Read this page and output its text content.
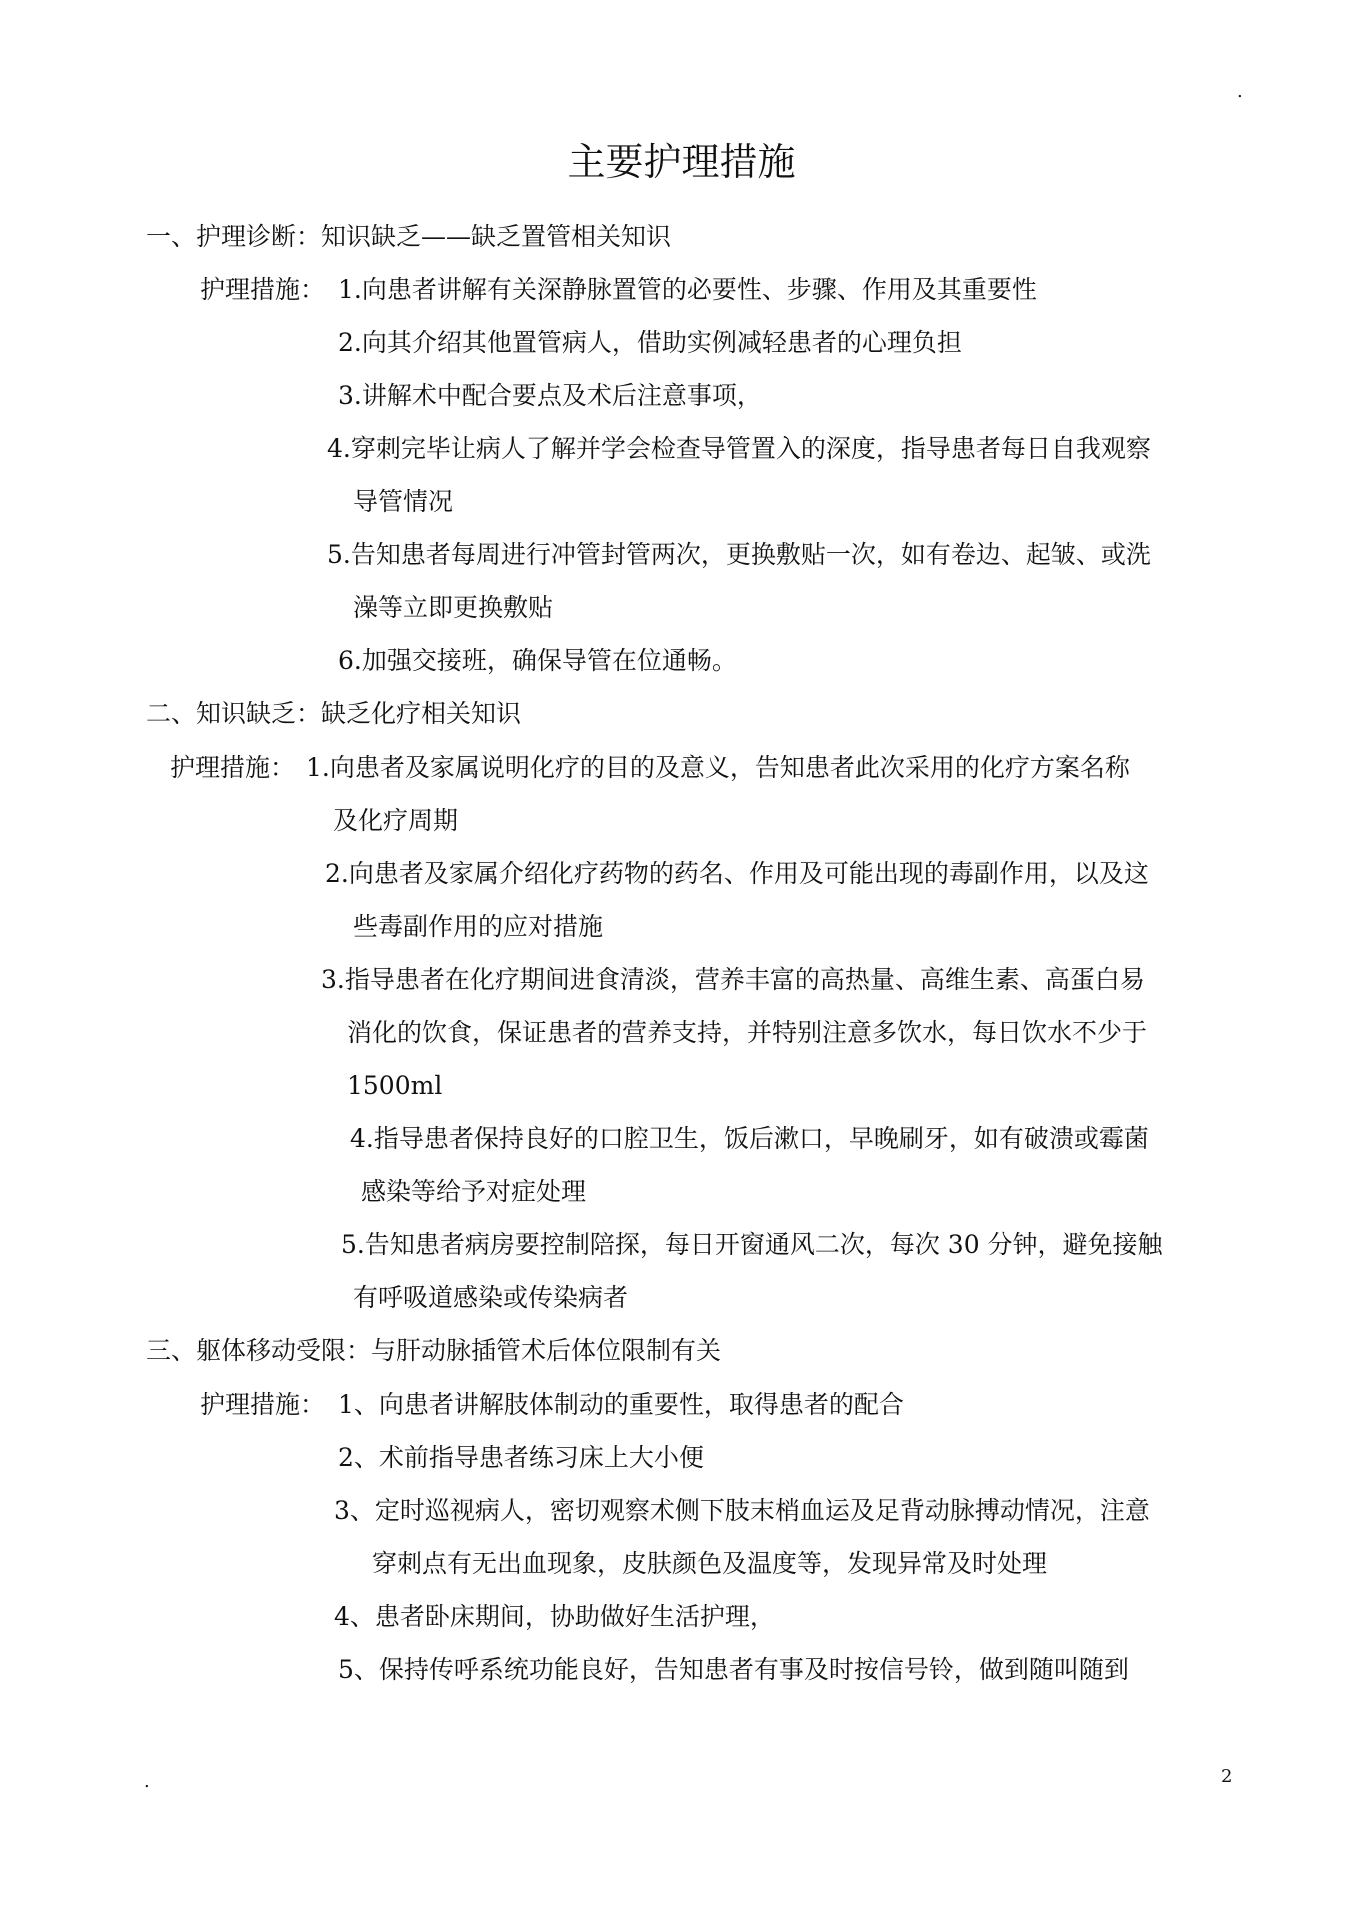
.
主要护理措施
一、护理诊断：知识缺乏——缺乏置管相关知识
护理措施： 1.向患者讲解有关深静脉置管的必要性、步骤、作用及其重要性
2.向其介绍其他置管病人，借助实例减轻患者的心理负担
3.讲解术中配合要点及术后注意事项，
4.穿刺完毕让病人了解并学会检查导管置入的深度，指导患者每日自我观察
导管情况
5.告知患者每周进行冲管封管两次，更换敷贴一次，如有卷边、起皱、或洗
澡等立即更换敷贴
6.加强交接班，确保导管在位通畅。
二、知识缺乏：缺乏化疗相关知识
护理措施： 1.向患者及家属说明化疗的目的及意义，告知患者此次采用的化疗方案名称
及化疗周期
2.向患者及家属介绍化疗药物的药名、作用及可能出现的毒副作用，以及这
些毒副作用的应对措施
3.指导患者在化疗期间进食清淡，营养丰富的高热量、高维生素、高蛋白易
消化的饮食，保证患者的营养支持，并特别注意多饮水，每日饮水不少于
1500ml
4.指导患者保持良好的口腔卫生，饭后漱口，早晚刷牙，如有破溃或霉菌
感染等给予对症处理
5.告知患者病房要控制陪探，每日开窗通风二次，每次 30 分钟，避免接触
有呼吸道感染或传染病者
三、躯体移动受限：与肝动脉插管术后体位限制有关
护理措施： 1、向患者讲解肢体制动的重要性，取得患者的配合
2、术前指导患者练习床上大小便
3、定时巡视病人，密切观察术侧下肢末梢血运及足背动脉搏动情况，注意
穿刺点有无出血现象，皮肤颜色及温度等，发现异常及时处理
4、患者卧床期间，协助做好生活护理，
5、保持传呼系统功能良好，告知患者有事及时按信号铃，做到随叫随到
.	2
